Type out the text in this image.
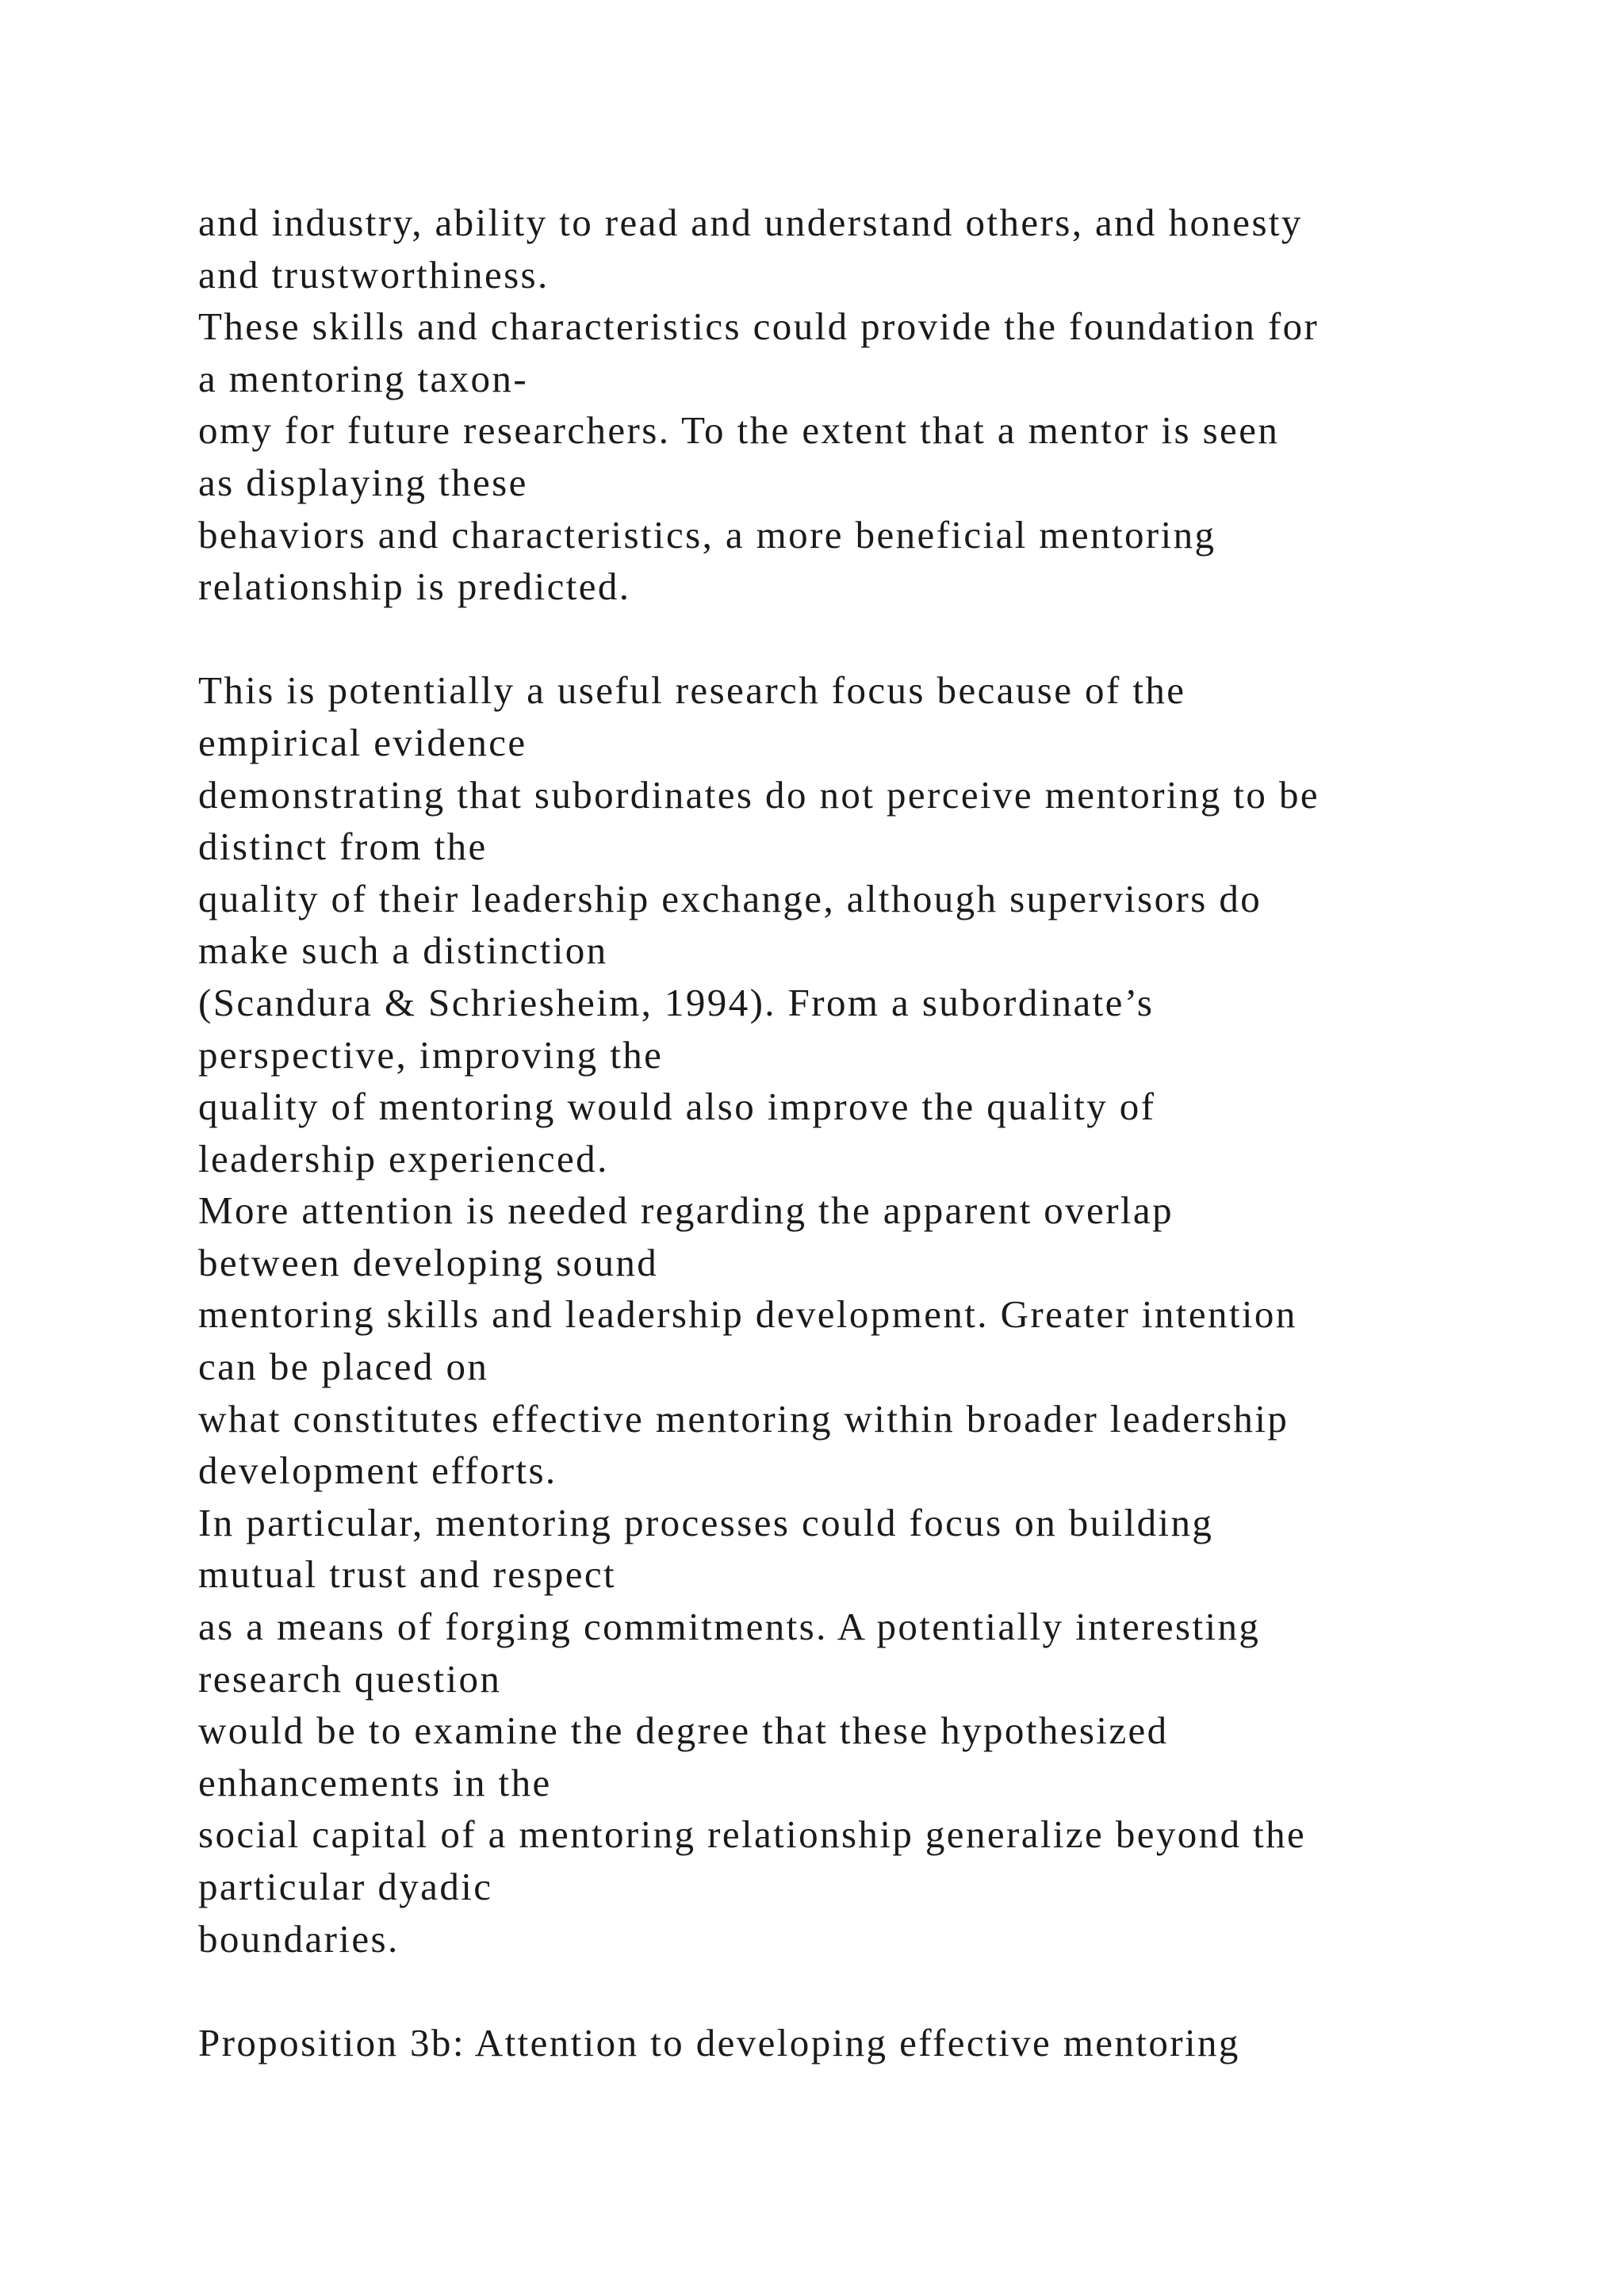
and industry, ability to read and understand others, and honesty
and trustworthiness.
These skills and characteristics could provide the foundation for
a mentoring taxon-
omy for future researchers. To the extent that a mentor is seen
as displaying these
behaviors and characteristics, a more beneficial mentoring
relationship is predicted.
This is potentially a useful research focus because of the
empirical evidence
demonstrating that subordinates do not perceive mentoring to be
distinct from the
quality of their leadership exchange, although supervisors do
make such a distinction
(Scandura & Schriesheim, 1994). From a subordinate’s
perspective, improving the
quality of mentoring would also improve the quality of
leadership experienced.
More attention is needed regarding the apparent overlap
between developing sound
mentoring skills and leadership development. Greater intention
can be placed on
what constitutes effective mentoring within broader leadership
development efforts.
In particular, mentoring processes could focus on building
mutual trust and respect
as a means of forging commitments. A potentially interesting
research question
would be to examine the degree that these hypothesized
enhancements in the
social capital of a mentoring relationship generalize beyond the
particular dyadic
boundaries.
Proposition 3b: Attention to developing effective mentoring
